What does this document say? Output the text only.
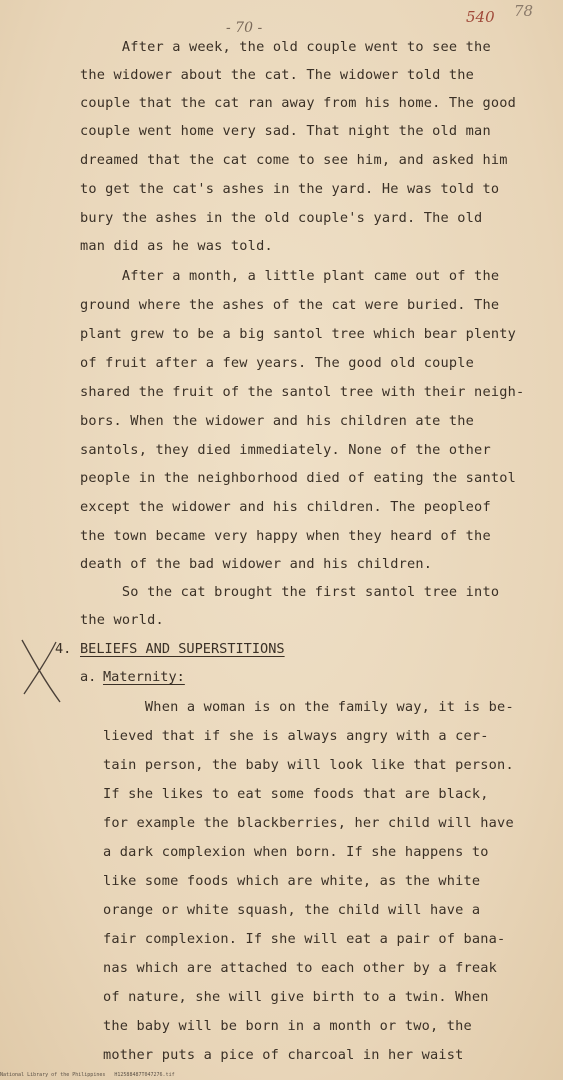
- 70 -
540 78
After a week, the old couple went to see the
the widower about the cat. The widower told the
couple that the cat ran away from his home. The good
couple went home very sad. That night the old man
dreamed that the cat come to see him, and asked him
to get the cat's ashes in the yard. He was told to
bury the ashes in the old couple's yard. The old
man did as he was told.
After a month, a little plant came out of the
ground where the ashes of the cat were buried. The
plant grew to be a big santol tree which bear plenty
of fruit after a few years. The good old couple
shared the fruit of the santol tree with their neigh-
bors. When the widower and his children ate the
santols, they died immediately. None of the other
people in the neighborhood died of eating the santol
except the widower and his children. The peopleof
the town became very happy when they heard of the
death of the bad widower and his children.
So the cat brought the first santol tree into
the world.
4. BELIEFS AND SUPERSTITIONS
a. Maternity:
When a woman is on the family way, it is be-
lieved that if she is always angry with a cer-
tain person, the baby will look like that person.
If she likes to eat some foods that are black,
for example the blackberries, her child will have
a dark complexion when born. If she happens to
like some foods which are white, as the white
orange or white squash, the child will have a
fair complexion. If she will eat a pair of bana-
nas which are attached to each other by a freak
of nature, she will give birth to a twin. When
the baby will be born in a month or two, the
mother puts a pice of charcoal in her waist
National Library of the Philippines   H12588487T047276.tif
